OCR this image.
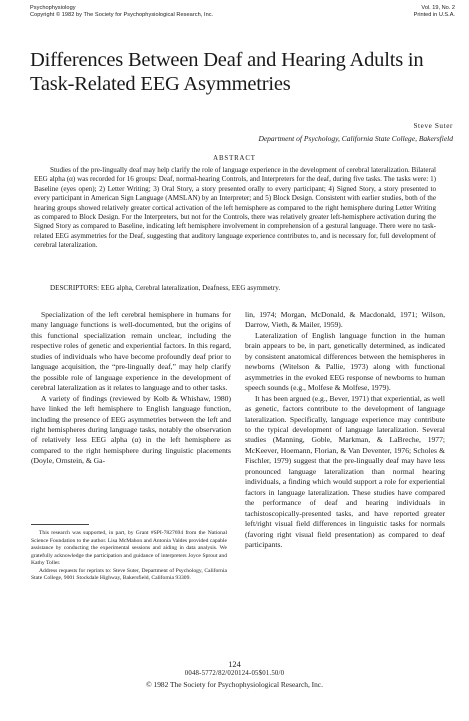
Psychophysiology
Copyright © 1982 by The Society for Psychophysiological Research, Inc.
Vol. 19, No. 2
Printed in U.S.A.
Differences Between Deaf and Hearing Adults in
Task-Related EEG Asymmetries
Steve Suter
Department of Psychology, California State College, Bakersfield
ABSTRACT
Studies of the pre-lingually deaf may help clarify the role of language experience in the development of cerebral lateralization. Bilateral EEG alpha (α) was recorded for 16 groups: Deaf, normal-hearing Controls, and Interpreters for the deaf, during five tasks. The tasks were: 1) Baseline (eyes open); 2) Letter Writing; 3) Oral Story, a story presented orally to every participant; 4) Signed Story, a story presented to every participant in American Sign Language (AMSLAN) by an Interpreter; and 5) Block Design. Consistent with earlier studies, both of the hearing groups showed relatively greater cortical activation of the left hemisphere as compared to the right hemisphere during Letter Writing as compared to Block Design. For the Interpreters, but not for the Controls, there was relatively greater left-hemisphere activation during the Signed Story as compared to Baseline, indicating left hemisphere involvement in comprehension of a gestural language. There were no task-related EEG asymmetries for the Deaf, suggesting that auditory language experience contributes to, and is necessary for, full development of cerebral lateralization.
DESCRIPTORS: EEG alpha, Cerebral lateralization, Deafness, EEG asymmetry.

Specialization of the left cerebral hemisphere in humans for many language functions is well-documented, but the origins of this functional specialization remain unclear, including the respective roles of genetic and experiential factors. In this regard, studies of individuals who have become profoundly deaf prior to language acquisition, the “pre-lingually deaf,” may help clarify the possible role of language experience in the development of cerebral lateralization as it relates to language and to other tasks.

A variety of findings (reviewed by Kolb & Whishaw, 1980) have linked the left hemisphere to English language function, including the presence of EEG asymmetries between the left and right hemispheres during language tasks, notably the observation of relatively less EEG alpha (α) in the left hemisphere as compared to the right hemisphere during linguistic placements (Doyle, Ornstein, & Ga-

This research was supported, in part, by Grant #SPI-7827694 from the National Science Foundation to the author. Lisa McMahon and Antonia Valdes provided capable assistance by conducting the experimental sessions and aiding in data analysis. We gratefully acknowledge the participation and guidance of interpreters Joyce Sprout and Kathy Toller.

Address requests for reprints to: Steve Suter, Department of Psychology, California State College, 9001 Stockdale Highway, Bakersfield, California 93309.

lin, 1974; Morgan, McDonald, & Macdonald, 1971; Wilson, Darrow, Vieth, & Mailer, 1959).

Lateralization of English language function in the human brain appears to be, in part, genetically determined, as indicated by consistent anatomical differences between the hemispheres in newborns (Witelson & Pallie, 1973) along with functional asymmetries in the evoked EEG response of newborns to human speech sounds (e.g., Molfese & Molfese, 1979).

It has been argued (e.g., Bever, 1971) that experiential, as well as genetic, factors contribute to the development of language lateralization. Specifically, language experience may contribute to the typical development of language lateralization. Several studies (Manning, Goble, Markman, & LaBreche, 1977; McKeever, Hoemann, Florian, & Van Deventer, 1976; Scholes & Fischler, 1979) suggest that the pre-lingually deaf may have less pronounced language lateralization than normal hearing individuals, a finding which would support a role for experiential factors in language lateralization. These studies have compared the performance of deaf and hearing individuals in tachistoscopically-presented tasks, and have reported greater left/right visual field differences in linguistic tasks for normals (favoring right visual field presentation) as compared to deaf participants.

124
0048-5772/82/020124-05$01.50/0
© 1982 The Society for Psychophysiological Research, Inc.
